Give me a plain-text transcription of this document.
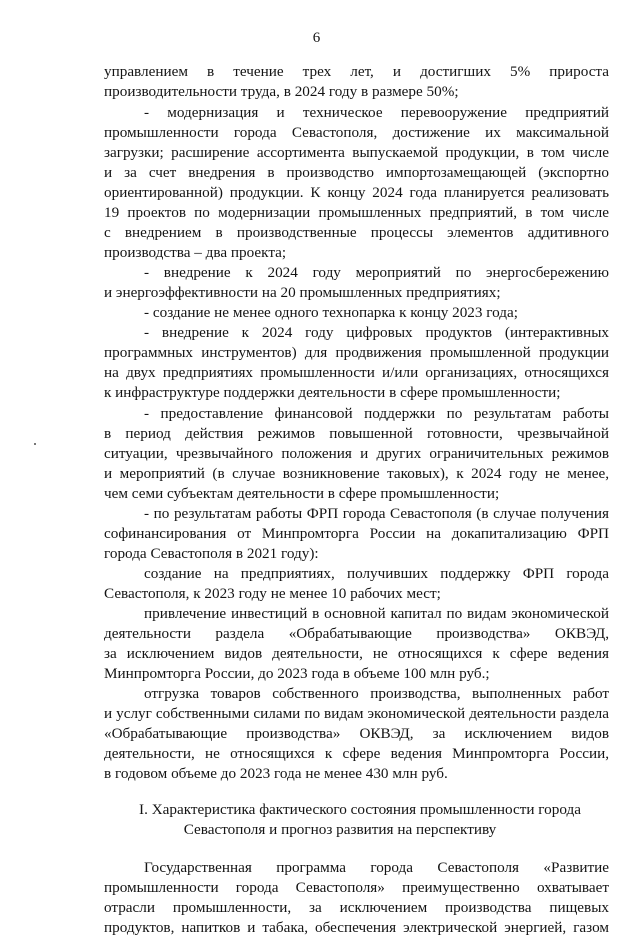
6
управлением в течение трех лет, и достигших 5% прироста
производительности труда, в 2024 году в размере 50%;
- модернизация и техническое перевооружение предприятий
промышленности города Севастополя, достижение их максимальной
загрузки; расширение ассортимента выпускаемой продукции, в том числе
и за счет внедрения в производство импортозамещающей (экспортно
ориентированной) продукции. К концу 2024 года планируется реализовать
19 проектов по модернизации промышленных предприятий, в том числе
с внедрением в производственные процессы элементов аддитивного
производства – два проекта;
- внедрение к 2024 году мероприятий по энергосбережению
и энергоэффективности на 20 промышленных предприятиях;
- создание не менее одного технопарка к концу 2023 года;
- внедрение к 2024 году цифровых продуктов (интерактивных
программных инструментов) для продвижения промышленной продукции
на двух предприятиях промышленности и/или организациях, относящихся
к инфраструктуре поддержки деятельности в сфере промышленности;
- предоставление финансовой поддержки по результатам работы
в период действия режимов повышенной готовности, чрезвычайной
ситуации, чрезвычайного положения и других ограничительных режимов
и мероприятий (в случае возникновение таковых), к 2024 году не менее,
чем семи субъектам деятельности в сфере промышленности;
- по результатам работы ФРП города Севастополя (в случае получения
софинансирования от Минпромторга России на докапитализацию ФРП
города Севастополя в 2021 году):
создание на предприятиях, получивших поддержку ФРП города
Севастополя, к 2023 году не менее 10 рабочих мест;
привлечение инвестиций в основной капитал по видам экономической
деятельности раздела «Обрабатывающие производства» ОКВЭД,
за исключением видов деятельности, не относящихся к сфере ведения
Минпромторга России, до 2023 года в объеме 100 млн руб.;
отгрузка товаров собственного производства, выполненных работ
и услуг собственными силами по видам экономической деятельности раздела
«Обрабатывающие производства» ОКВЭД, за исключением видов
деятельности, не относящихся к сфере ведения Минпромторга России,
в годовом объеме до 2023 года не менее 430 млн руб.
I. Характеристика фактического состояния промышленности города
Севастополя и прогноз развития на перспективу
Государственная программа города Севастополя «Развитие
промышленности города Севастополя» преимущественно охватывает
отрасли промышленности, за исключением производства пищевых
продуктов, напитков и табака, обеспечения электрической энергией, газом
